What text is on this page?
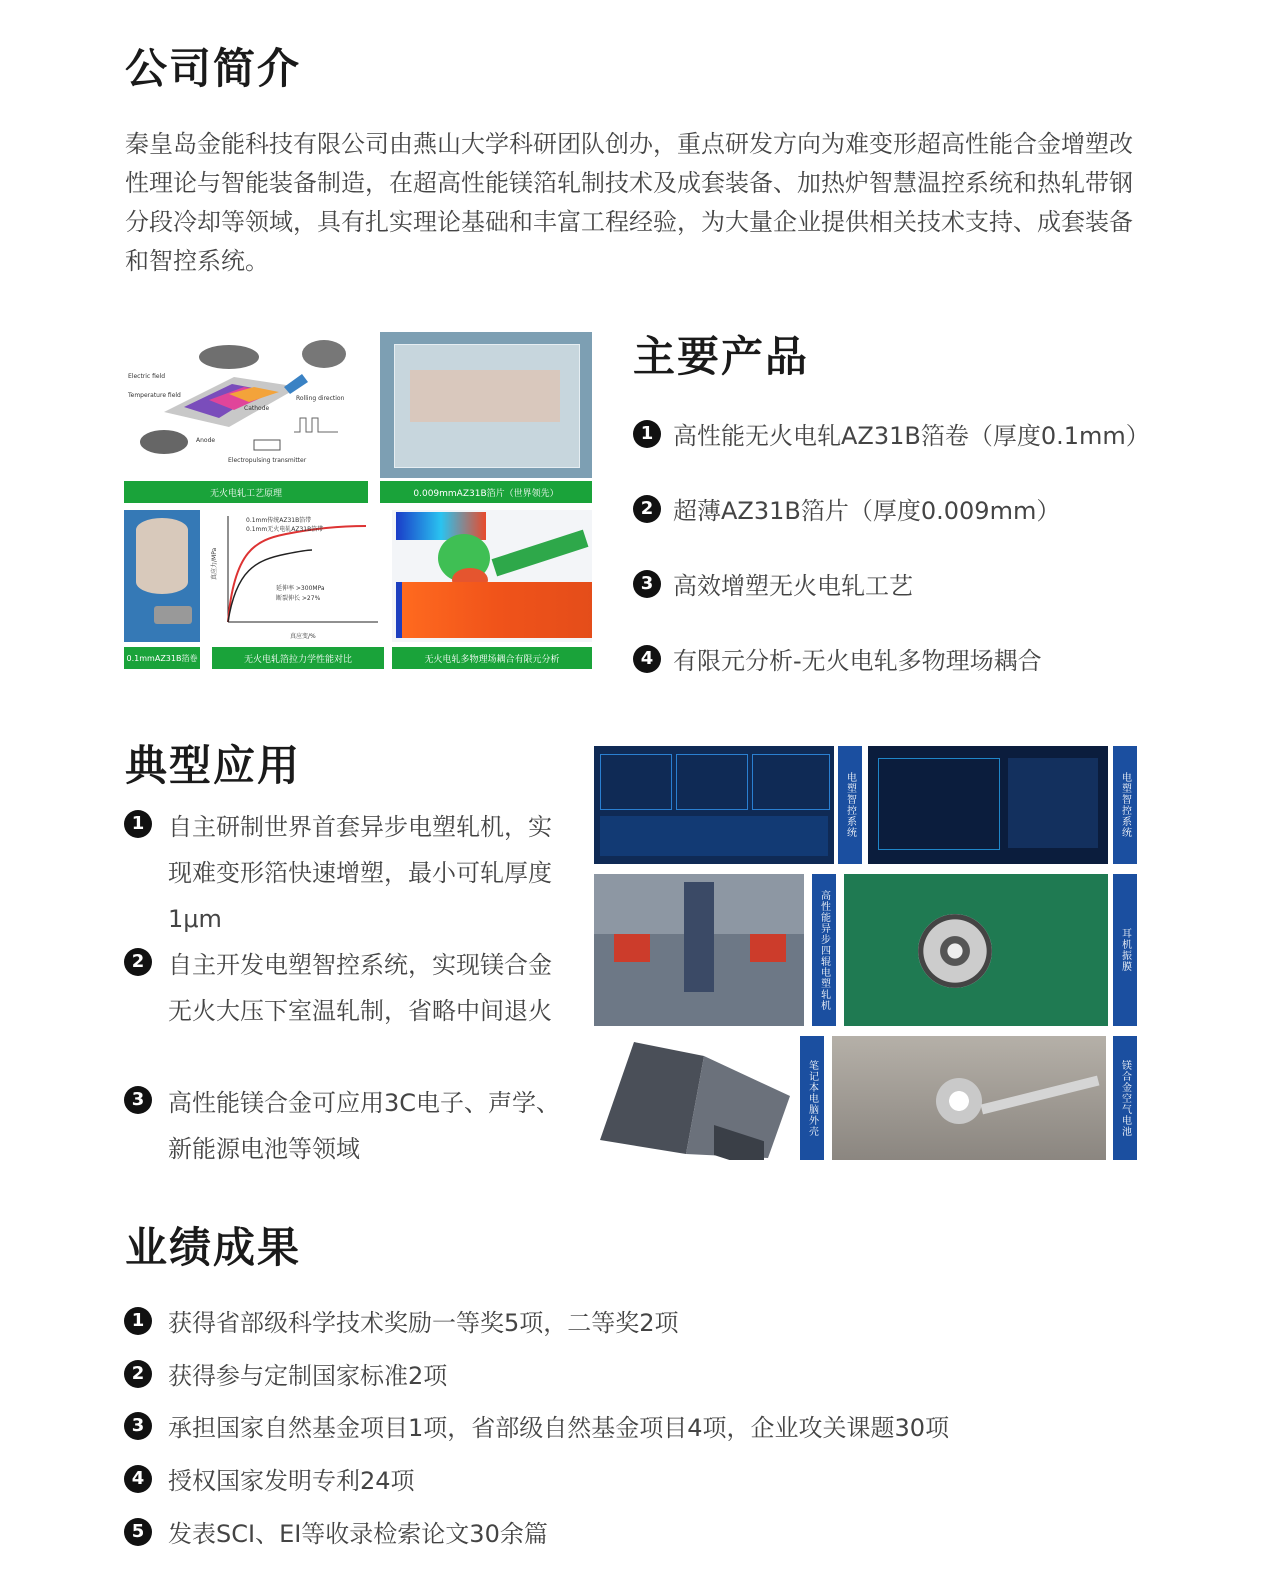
公司简介

秦皇岛金能科技有限公司由燕山大学科研团队创办，重点研发方向为难变形超高性能合金增塑改性理论与智能装备制造，在超高性能镁箔轧制技术及成套装备、加热炉智慧温控系统和热轧带钢分段冷却等领域，具有扎实理论基础和丰富工程经验，为大量企业提供相关技术支持、成套装备和智控系统。

Electric field
Temperature field	Rolling direction
Cathode
Anode
Electropulsing transmitter
无火电轧工艺原理	0.009mmAZ31B箔片（世界领先）
0.1mmAZ31B箔卷
0.1mm传统AZ31B箔带
0.1mm无火电轧AZ31B箔带
延伸率 >300MPa
断裂伸长 >27%
真应变/%
真应力/MPa
无火电轧箔拉力学性能对比	无火电轧多物理场耦合有限元分析
主要产品
1 高性能无火电轧AZ31B箔卷（厚度0.1mm）
2 超薄AZ31B箔片（厚度0.009mm）
3 高效增塑无火电轧工艺
4 有限元分析-无火电轧多物理场耦合
典型应用
1 自主研制世界首套异步电塑轧机，实现难变形箔快速增塑，最小可轧厚度1μm
2 自主开发电塑智控系统，实现镁合金无火大压下室温轧制，省略中间退火
3 高性能镁合金可应用3C电子、声学、新能源电池等领域
电塑智控系统	电塑智控系统
高性能异步四辊电塑轧机	耳机振膜
笔记本电脑外壳	镁合金空气电池
业绩成果
1 获得省部级科学技术奖励一等奖5项，二等奖2项
2 获得参与定制国家标准2项
3 承担国家自然基金项目1项，省部级自然基金项目4项，企业攻关课题30项
4 授权国家发明专利24项
5 发表SCI、EI等收录检索论文30余篇
